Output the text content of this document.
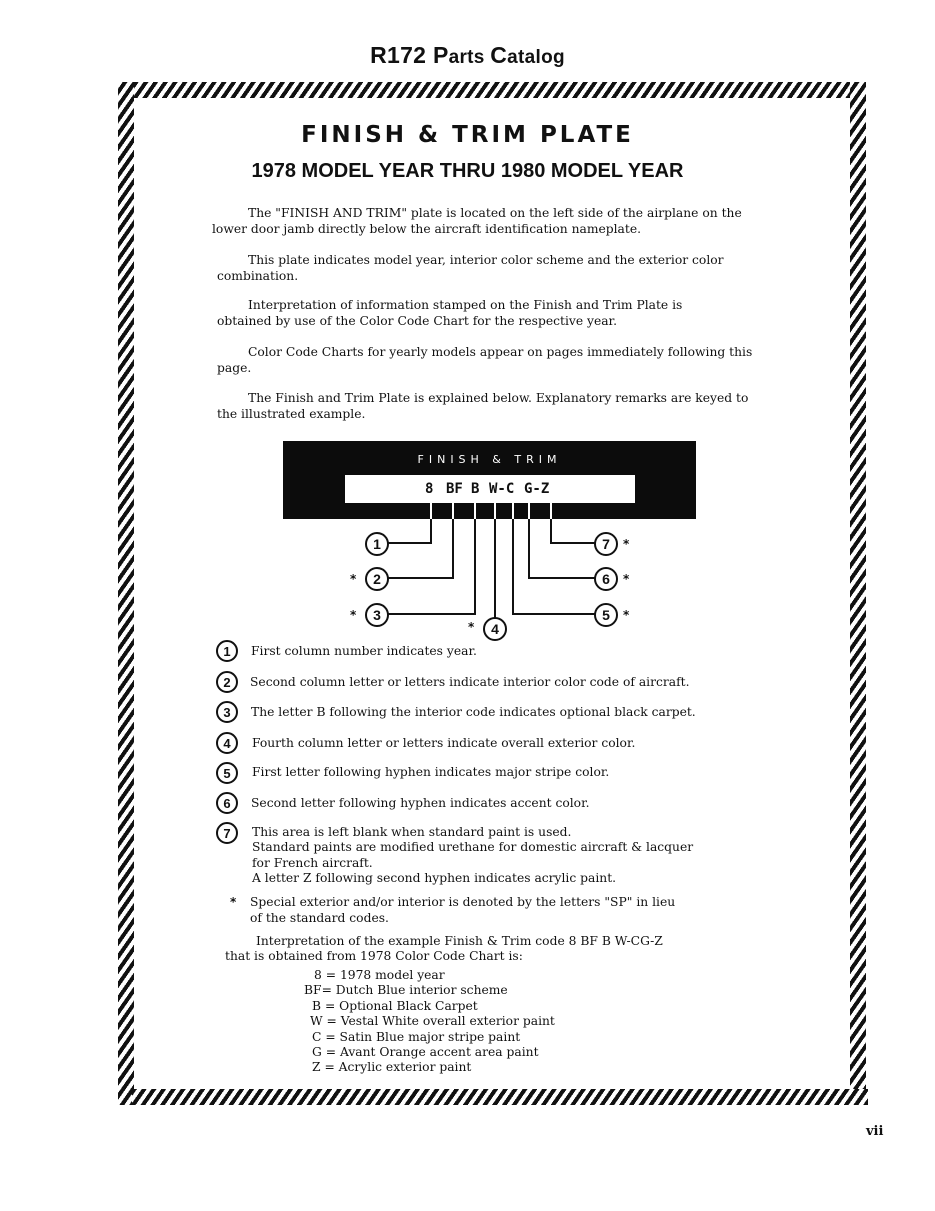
R172 Parts Catalog
FINISH & TRIM PLATE
1978 MODEL YEAR THRU 1980 MODEL YEAR
The "FINISH AND TRIM" plate is located on the left side of the airplane on the lower door jamb directly below the aircraft identification nameplate.
This plate indicates model year, interior color scheme and the exterior color combination.
Interpretation of information stamped on the Finish and Trim Plate is obtained by use of the Color Code Chart for the respective year.
Color Code Charts for yearly models appear on pages immediately following this page.
The Finish and Trim Plate is explained below. Explanatory remarks are keyed to the illustrated example.
FINISH & TRIM
8 BF B W-C G-Z
1
2
*
3
*
4
*
5	*
6	*
7	*
1	First column number indicates year.
2	Second column letter or letters indicate interior color code of aircraft.
3	The letter B following the interior code indicates optional black carpet.
4	Fourth column letter or letters indicate overall exterior color.
5	First letter following hyphen indicates major stripe color.
6	Second letter following hyphen indicates accent color.
7	This area is left blank when standard paint is used.
Standard paints are modified urethane for domestic aircraft & lacquer
for French aircraft.
A letter Z following second hyphen indicates acrylic paint.
* Special exterior and/or interior is denoted by the letters "SP" in lieu
of the standard codes.
Interpretation of the example Finish & Trim code 8 BF B W-CG-Z
that is obtained from 1978 Color Code Chart is:
8 = 1978 model year
BF= Dutch Blue interior scheme
B = Optional Black Carpet
W = Vestal White overall exterior paint
C = Satin Blue major stripe paint
G = Avant Orange accent area paint
Z = Acrylic exterior paint
vii
